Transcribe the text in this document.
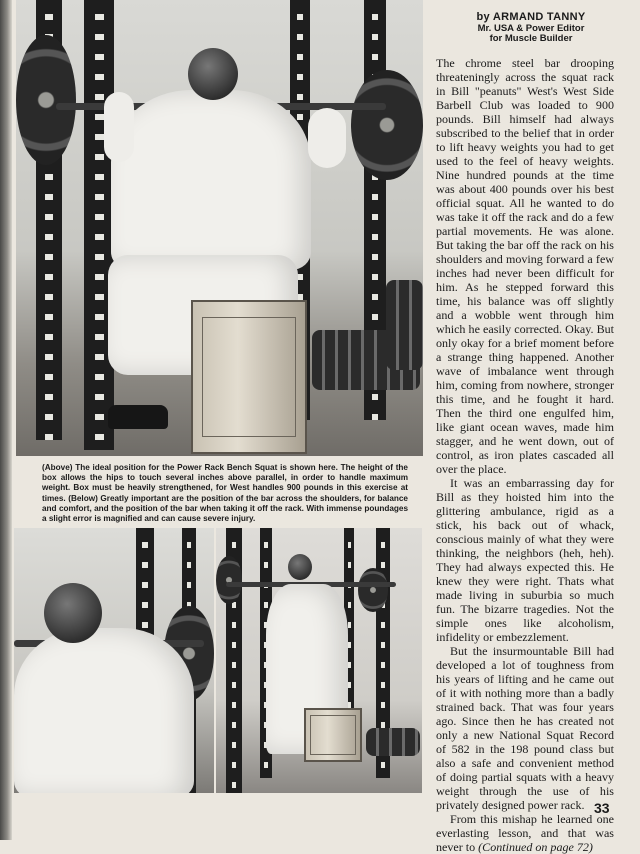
(Above) The ideal position for the Power Rack Bench Squat is shown here. The height of the box allows the hips to touch several inches above parallel, in order to handle maximum weight. Box must be heavily strengthened, for West handles 900 pounds in this exercise at times. (Below) Greatly important are the position of the bar across the shoulders, for balance and comfort, and the position of the bar when taking it off the rack. With immense poundages a slight error is magnified and can cause severe injury.
by ARMAND TANNY
Mr. USA & Power Editor
for Muscle Builder

The chrome steel bar drooping threateningly across the squat rack in Bill "peanuts" West's West Side Barbell Club was loaded to 900 pounds. Bill himself had always subscribed to the belief that in order to lift heavy weights you had to get used to the feel of heavy weights. Nine hundred pounds at the time was about 400 pounds over his best official squat. All he wanted to do was take it off the rack and do a few partial movements. He was alone. But taking the bar off the rack on his shoulders and moving forward a few inches had never been difficult for him. As he stepped forward this time, his balance was off slightly and a wobble went through him which he easily corrected. Okay. But only okay for a brief moment before a strange thing happened. Another wave of imbalance went through him, coming from nowhere, stronger this time, and he fought it hard. Then the third one engulfed him, like giant ocean waves, made him stagger, and he went down, out of control, as iron plates cascaded all over the place.

It was an embarrassing day for Bill as they hoisted him into the glittering ambulance, rigid as a stick, his back out of whack, conscious mainly of what they were thinking, the neighbors (heh, heh). They had always expected this. He knew they were right. Thats what made living in suburbia so much fun. The bizarre tragedies. Not the simple ones like alcoholism, infidelity or embezzlement.

But the insurmountable Bill had developed a lot of toughness from his years of lifting and he came out of it with nothing more than a badly strained back. That was four years ago. Since then he has created not only a new National Squat Record of 582 in the 198 pound class but also a safe and convenient method of doing partial squats with a heavy weight through the use of his privately designed power rack.

From this mishap he learned one everlasting lesson, and that was never to (Continued on page 72)

33
